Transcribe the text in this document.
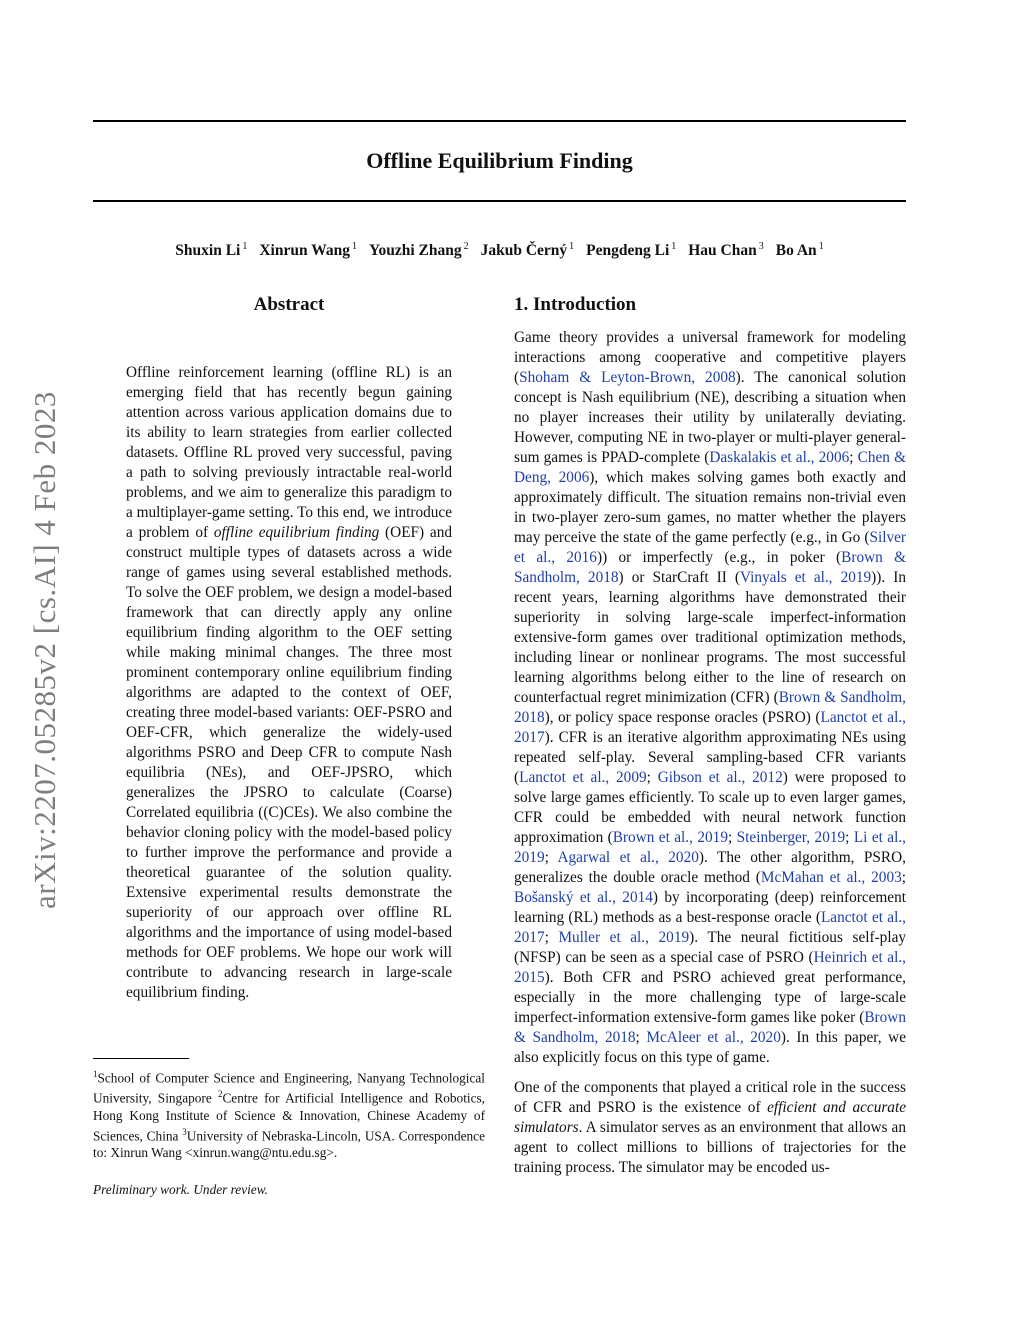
Offline Equilibrium Finding
Shuxin Li $^1$ Xinrun Wang $^1$ Youzhi Zhang $^2$ Jakub Černý $^1$ Pengdeng Li $^1$ Hau Chan $^3$ Bo An $^1$
arXiv:2207.05285v2 [cs.AI] 4 Feb 2023
Abstract
Offline reinforcement learning (offline RL) is an emerging field that has recently begun gaining attention across various application domains due to its ability to learn strategies from earlier collected datasets. Offline RL proved very successful, paving a path to solving previously intractable real-world problems, and we aim to generalize this paradigm to a multiplayer-game setting. To this end, we introduce a problem of offline equilibrium finding (OEF) and construct multiple types of datasets across a wide range of games using several established methods. To solve the OEF problem, we design a model-based framework that can directly apply any online equilibrium finding algorithm to the OEF setting while making minimal changes. The three most prominent contemporary online equilibrium finding algorithms are adapted to the context of OEF, creating three model-based variants: OEF-PSRO and OEF-CFR, which generalize the widely-used algorithms PSRO and Deep CFR to compute Nash equilibria (NEs), and OEF-JPSRO, which generalizes the JPSRO to calculate (Coarse) Correlated equilibria ((C)CEs). We also combine the behavior cloning policy with the model-based policy to further improve the performance and provide a theoretical guarantee of the solution quality. Extensive experimental results demonstrate the superiority of our approach over offline RL algorithms and the importance of using model-based methods for OEF problems. We hope our work will contribute to advancing research in large-scale equilibrium finding.
1. Introduction

Game theory provides a universal framework for modeling interactions among cooperative and competitive players (Shoham & Leyton-Brown, 2008). The canonical solution concept is Nash equilibrium (NE), describing a situation when no player increases their utility by unilaterally deviating. However, computing NE in two-player or multi-player general-sum games is PPAD-complete (Daskalakis et al., 2006; Chen & Deng, 2006), which makes solving games both exactly and approximately difficult. The situation remains non-trivial even in two-player zero-sum games, no matter whether the players may perceive the state of the game perfectly (e.g., in Go (Silver et al., 2016)) or imperfectly (e.g., in poker (Brown & Sandholm, 2018) or StarCraft II (Vinyals et al., 2019)). In recent years, learning algorithms have demonstrated their superiority in solving large-scale imperfect-information extensive-form games over traditional optimization methods, including linear or nonlinear programs. The most successful learning algorithms belong either to the line of research on counterfactual regret minimization (CFR) (Brown & Sandholm, 2018), or policy space response oracles (PSRO) (Lanctot et al., 2017). CFR is an iterative algorithm approximating NEs using repeated self-play. Several sampling-based CFR variants (Lanctot et al., 2009; Gibson et al., 2012) were proposed to solve large games efficiently. To scale up to even larger games, CFR could be embedded with neural network function approximation (Brown et al., 2019; Steinberger, 2019; Li et al., 2019; Agarwal et al., 2020). The other algorithm, PSRO, generalizes the double oracle method (McMahan et al., 2003; Bošanský et al., 2014) by incorporating (deep) reinforcement learning (RL) methods as a best-response oracle (Lanctot et al., 2017; Muller et al., 2019). The neural fictitious self-play (NFSP) can be seen as a special case of PSRO (Heinrich et al., 2015). Both CFR and PSRO achieved great performance, especially in the more challenging type of large-scale imperfect-information extensive-form games like poker (Brown & Sandholm, 2018; McAleer et al., 2020). In this paper, we also explicitly focus on this type of game.

One of the components that played a critical role in the success of CFR and PSRO is the existence of efficient and accurate simulators. A simulator serves as an environment that allows an agent to collect millions to billions of trajectories for the training process. The simulator may be encoded us-

$^1$School of Computer Science and Engineering, Nanyang Technological University, Singapore $^2$Centre for Artificial Intelligence and Robotics, Hong Kong Institute of Science & Innovation, Chinese Academy of Sciences, China $^3$University of Nebraska-Lincoln, USA. Correspondence to: Xinrun Wang <xinrun.wang@ntu.edu.sg>.
Preliminary work. Under review.
